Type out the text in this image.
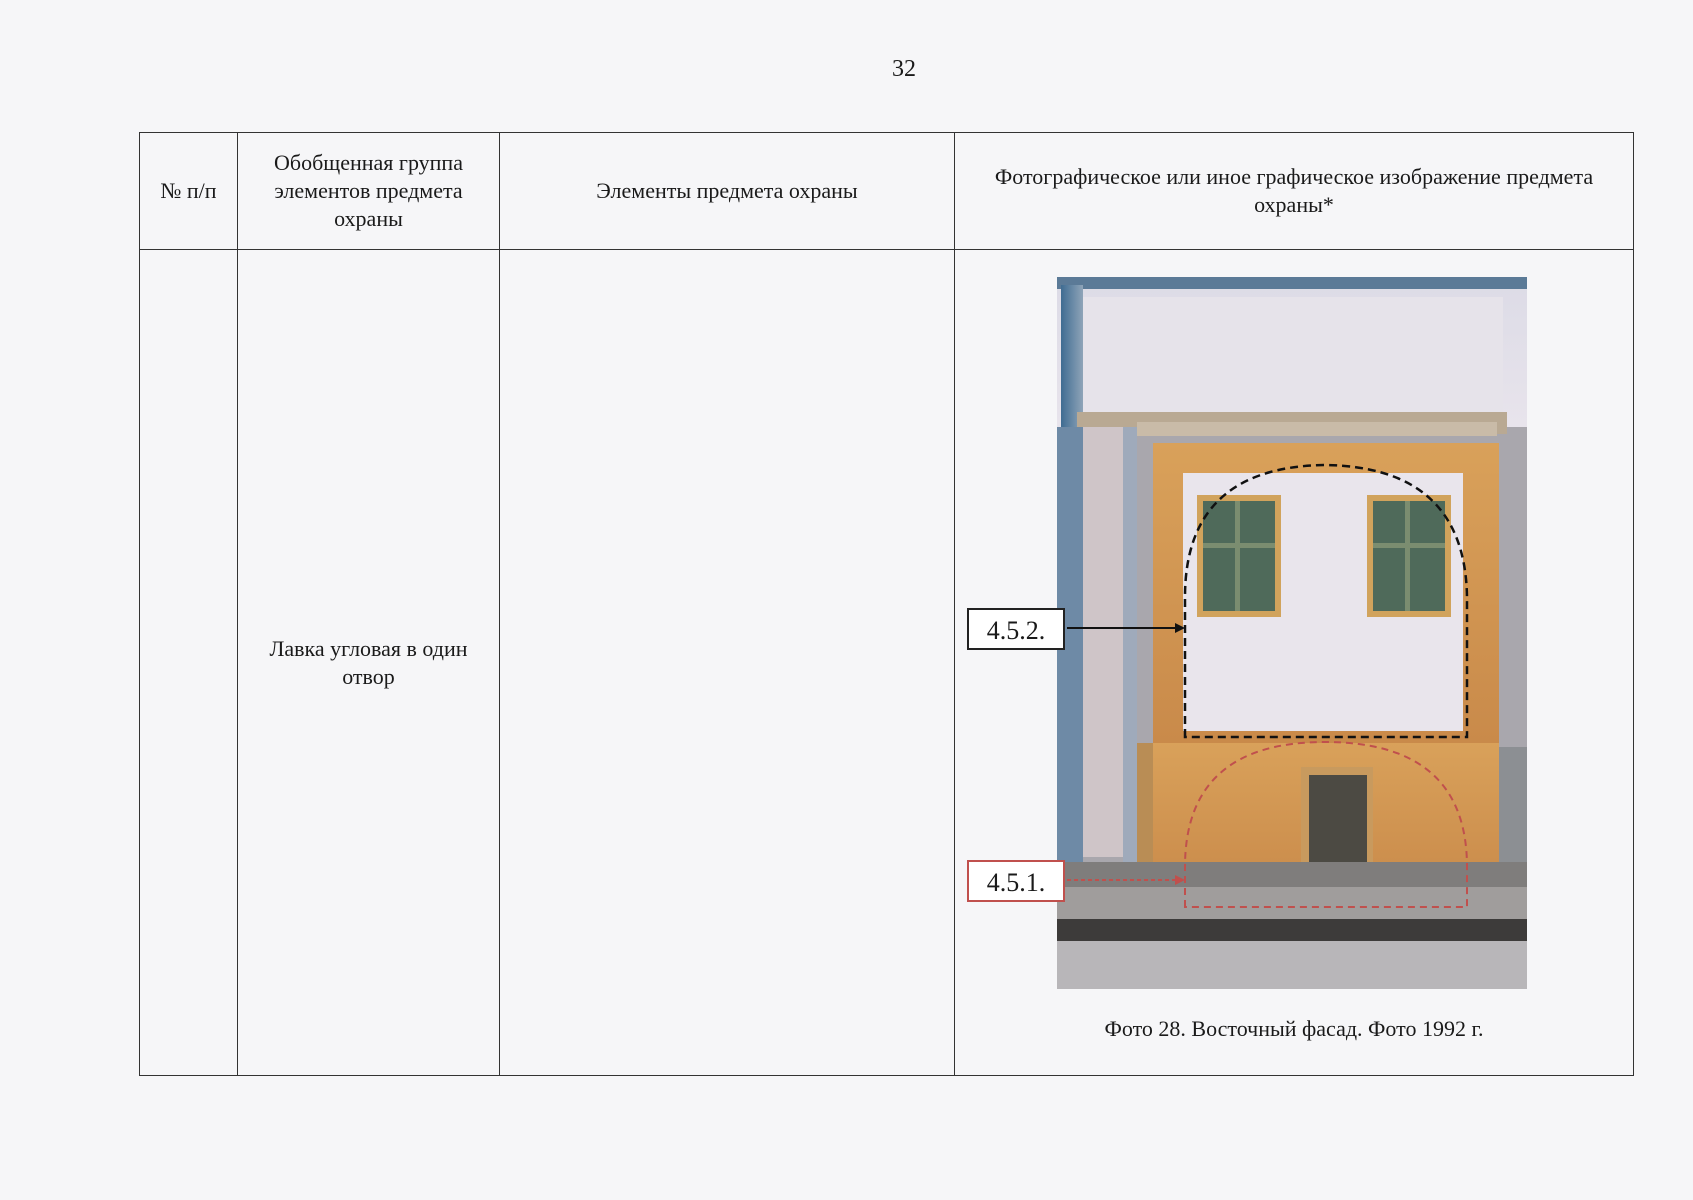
32
№ п/п	Обобщенная группа элементов предмета охраны	Элементы предмета охраны	Фотографическое или иное графическое изображение предмета охраны*
	Лавка угловая в один отвор		4.5.2.
4.5.1.
Фото 28. Восточный фасад. Фото 1992 г.
